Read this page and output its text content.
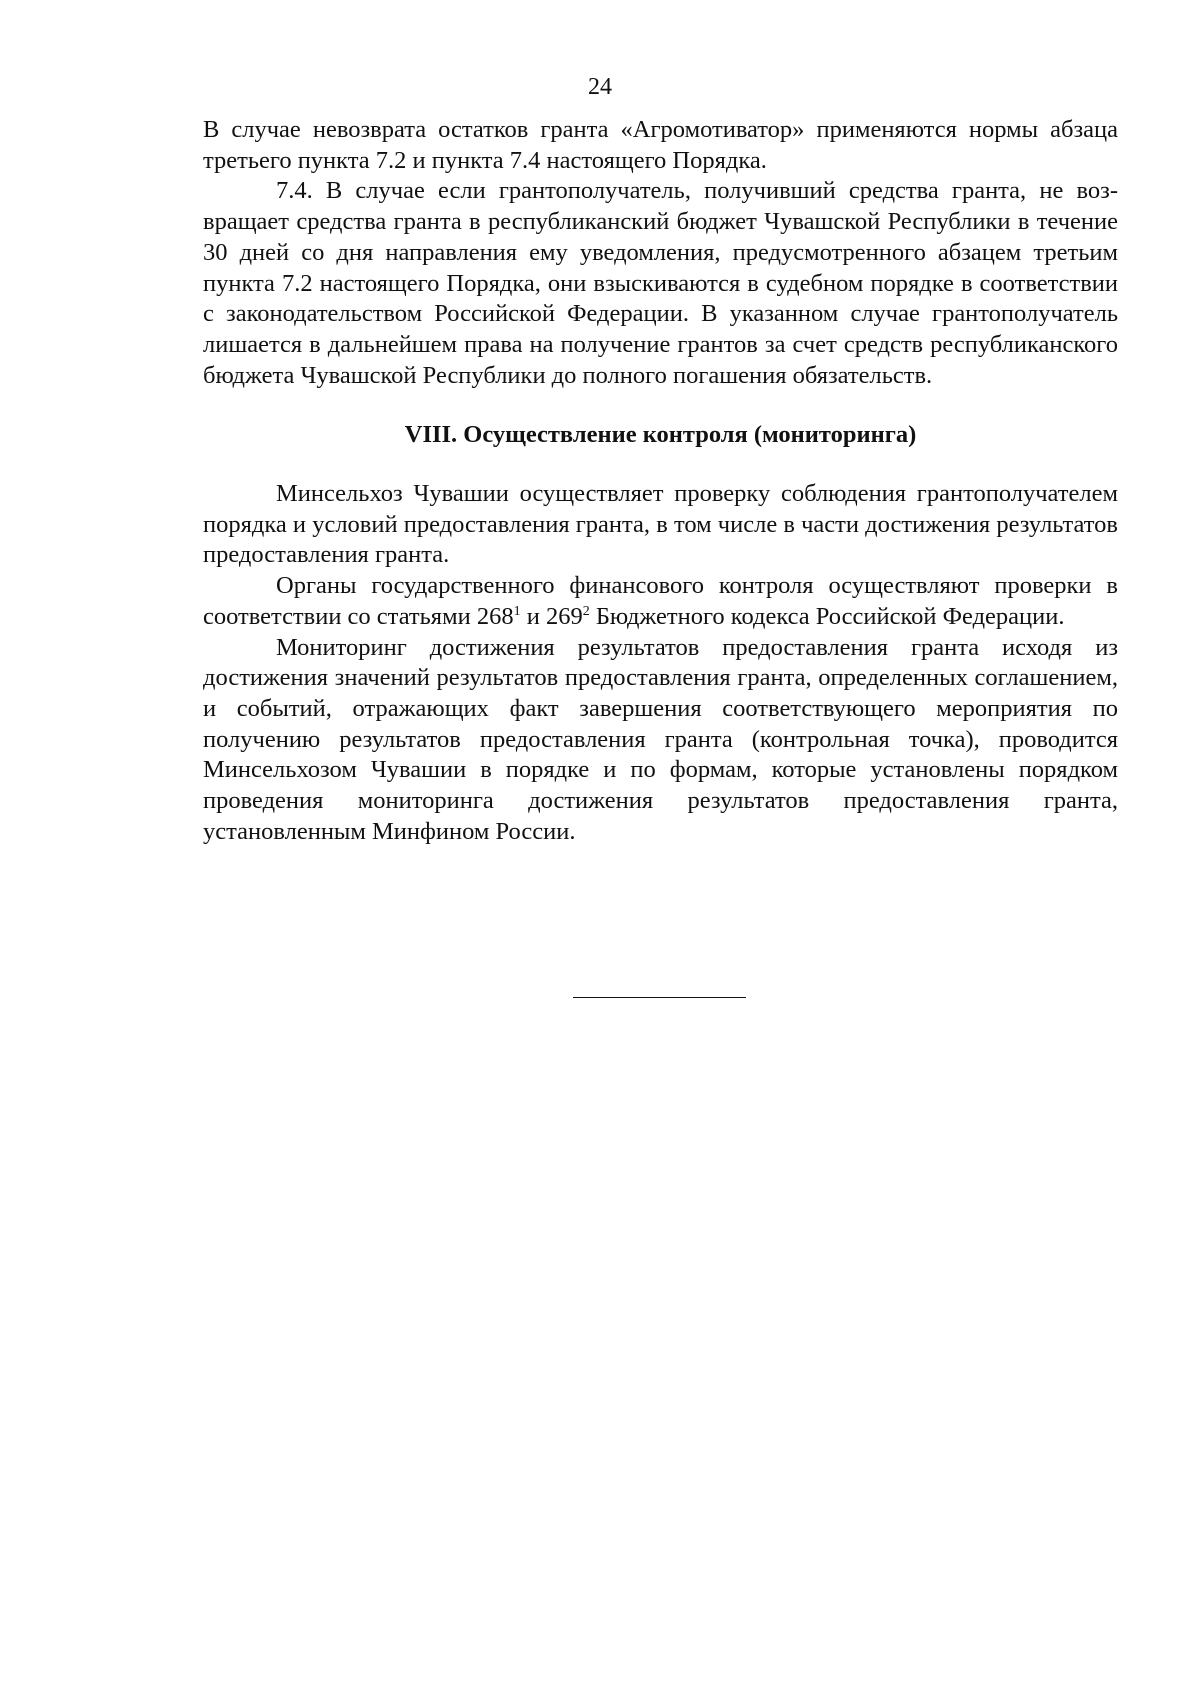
24

В случае невозврата остатков гранта «Агромотиватор» применяются нормы абзаца третьего пункта 7.2 и пункта 7.4 настоящего Порядка.

7.4. В случае если грантополучатель, получивший средства гранта, не возвращает средства гранта в республиканский бюджет Чувашской Республики в течение 30 дней со дня направления ему уведомления, предусмотренного абзацем третьим пункта 7.2 настоящего Порядка, они взыскиваются в судебном порядке в соответствии с законодательством Российской Федерации. В указанном случае грантополучатель лишается в дальнейшем права на получение грантов за счет средств республиканского бюджета Чувашской Республики до полного погашения обязательств.

VIII. Осуществление контроля (мониторинга)

Минсельхоз Чувашии осуществляет проверку соблюдения грантополучателем порядка и условий предоставления гранта, в том числе в части достижения результатов предоставления гранта.

Органы государственного финансового контроля осуществляют проверки в соответствии со статьями $268^1$ и $269^2$ Бюджетного кодекса Российской Федерации.

Мониторинг достижения результатов предоставления гранта исходя из достижения значений результатов предоставления гранта, определенных соглашением, и событий, отражающих факт завершения соответствующего мероприятия по получению результатов предоставления гранта (контрольная точка), проводится Минсельхозом Чувашии в порядке и по формам, которые установлены порядком проведения мониторинга достижения результатов предоставления гранта, установленным Минфином России.
